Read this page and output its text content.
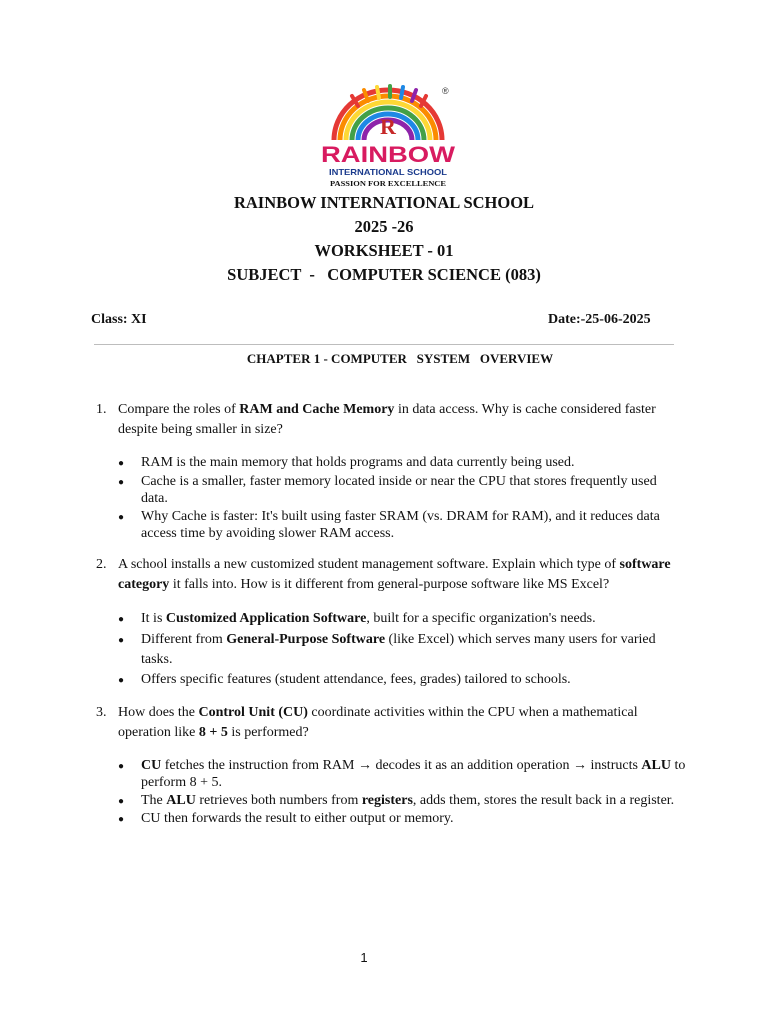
®
R
RAINBOW
INTERNATIONAL SCHOOL
PASSION FOR EXCELLENCE
RAINBOW INTERNATIONAL SCHOOL
2025 -26
WORKSHEET - 01
SUBJECT  -   COMPUTER SCIENCE (083)
Class: XI	Date:-25-06-2025
CHAPTER 1 - COMPUTER   SYSTEM   OVERVIEW
1. Compare the roles of RAM and Cache Memory in data access. Why is cache considered faster despite being smaller in size?
●	RAM is the main memory that holds programs and data currently being used.
●	Cache is a smaller, faster memory located inside or near the CPU that stores frequently used data.
●	Why Cache is faster: It's built using faster SRAM (vs. DRAM for RAM), and it reduces data access time by avoiding slower RAM access.
2. A school installs a new customized student management software. Explain which type of software category it falls into. How is it different from general-purpose software like MS Excel?
●	It is Customized Application Software, built for a specific organization's needs.
●	Different from General-Purpose Software (like Excel) which serves many users for varied tasks.
●	Offers specific features (student attendance, fees, grades) tailored to schools.
3. How does the Control Unit (CU) coordinate activities within the CPU when a mathematical operation like 8 + 5 is performed?
●	CU fetches the instruction from RAM → decodes it as an addition operation → instructs ALU to perform 8 + 5.
●	The ALU retrieves both numbers from registers, adds them, stores the result back in a register.
●	CU then forwards the result to either output or memory.
1
